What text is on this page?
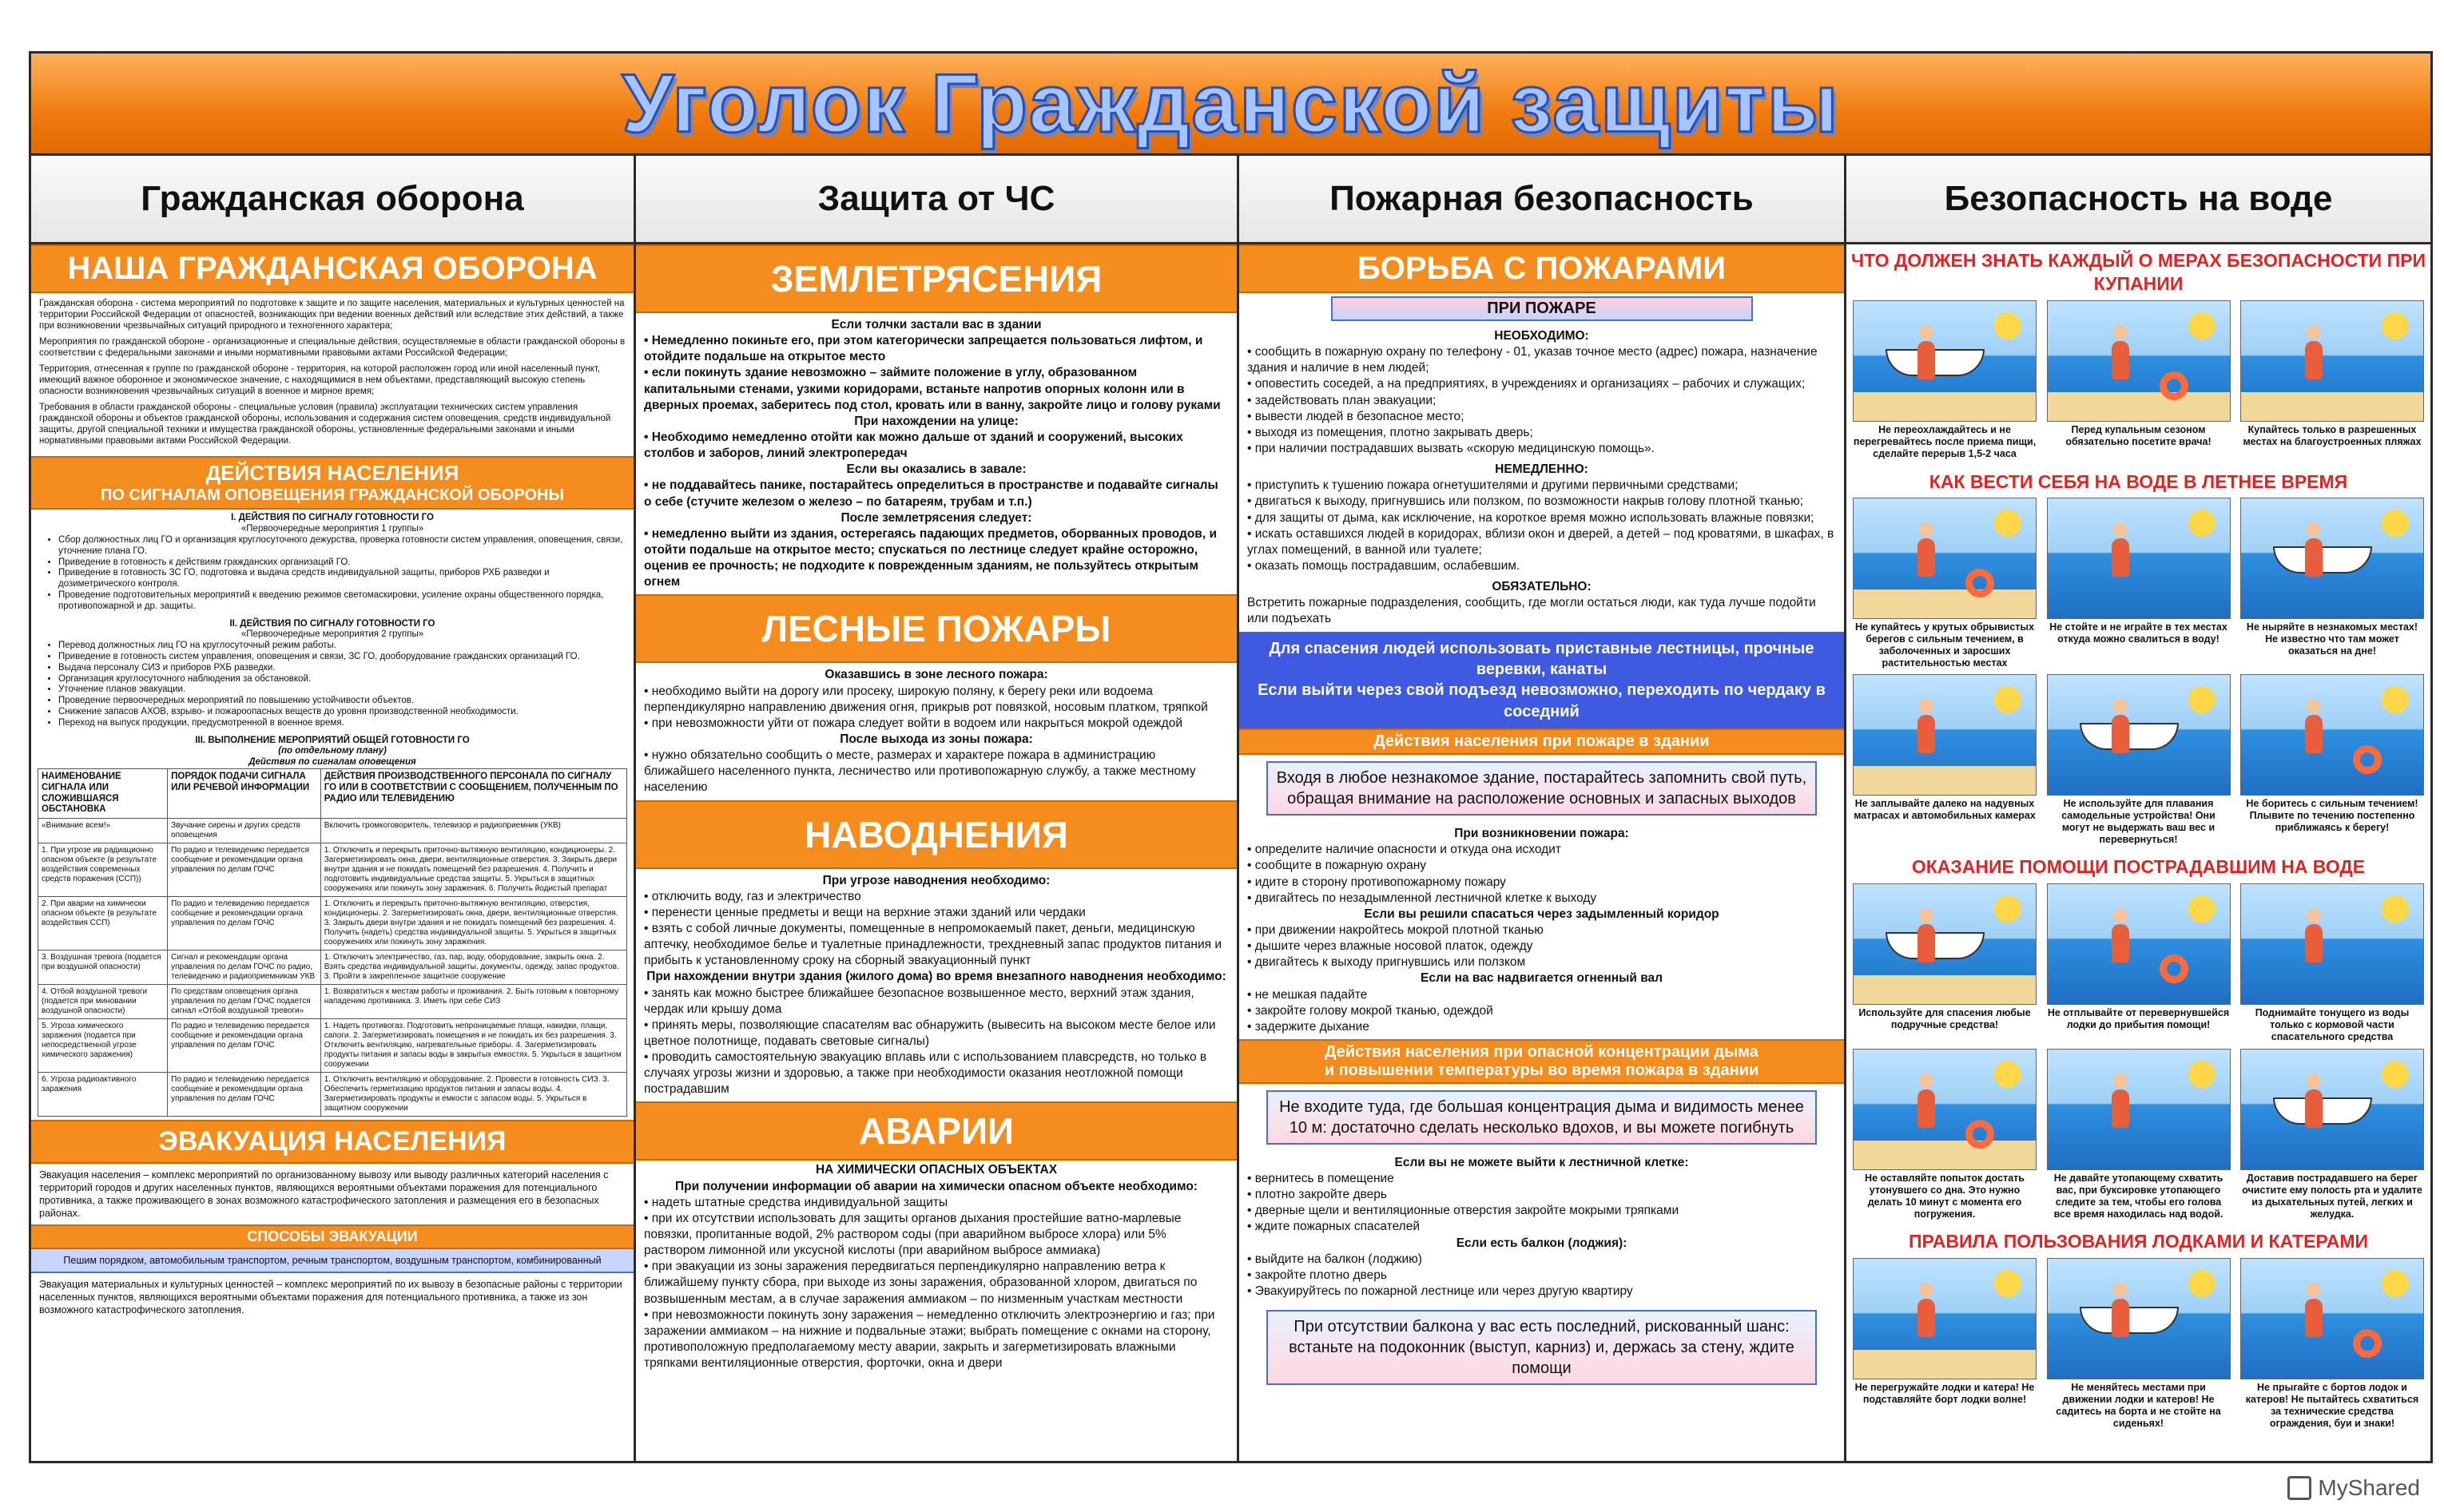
Уголок Гражданской защиты
Гражданская оборона
НАША ГРАЖДАНСКАЯ ОБОРОНА

Гражданская оборона - система мероприятий по подготовке к защите и по защите населения, материальных и культурных ценностей на территории Российской Федерации от опасностей, возникающих при ведении военных действий или вследствие этих действий, а также при возникновении чрезвычайных ситуаций природного и техногенного характера;

Мероприятия по гражданской обороне - организационные и специальные действия, осуществляемые в области гражданской обороны в соответствии с федеральными законами и иными нормативными правовыми актами Российской Федерации;

Территория, отнесенная к группе по гражданской обороне - территория, на которой расположен город или иной населенный пункт, имеющий важное оборонное и экономическое значение, с находящимися в нем объектами, представляющий высокую степень опасности возникновения чрезвычайных ситуаций в военное и мирное время;

Требования в области гражданской обороны - специальные условия (правила) эксплуатации технических систем управления гражданской обороны и объектов гражданской обороны, использования и содержания систем оповещения, средств индивидуальной защиты, другой специальной техники и имущества гражданской обороны, установленные федеральными законами и иными нормативными правовыми актами Российской Федерации.

ДЕЙСТВИЯ НАСЕЛЕНИЯ
ПО СИГНАЛАМ ОПОВЕЩЕНИЯ ГРАЖДАНСКОЙ ОБОРОНЫ
I. ДЕЙСТВИЯ ПО СИГНАЛУ ГОТОВНОСТИ ГО
«Первоочередные мероприятия 1 группы»
• Сбор должностных лиц ГО и организация круглосуточного дежурства, проверка готовности систем управления, оповещения, связи, уточнение плана ГО.
• Приведение в готовность к действиям гражданских организаций ГО.
• Приведение в готовность ЗС ГО, подготовка и выдача средств индивидуальной защиты, приборов РХБ разведки и дозиметрического контроля.
• Проведение подготовительных мероприятий к введению режимов светомаскировки, усиление охраны общественного порядка, противопожарной и др. защиты.
II. ДЕЙСТВИЯ ПО СИГНАЛУ ГОТОВНОСТИ ГО
«Первоочередные мероприятия 2 группы»
• Перевод должностных лиц ГО на круглосуточный режим работы.
• Приведение в готовность систем управления, оповещения и связи, ЗС ГО, дооборудование гражданских организаций ГО.
• Выдача персоналу СИЗ и приборов РХБ разведки.
• Организация круглосуточного наблюдения за обстановкой.
• Уточнение планов эвакуации.
• Проведение первоочередных мероприятий по повышению устойчивости объектов.
• Снижение запасов АХОВ, взрыво- и пожароопасных веществ до уровня производственной необходимости.
• Переход на выпуск продукции, предусмотренной в военное время.
III. ВЫПОЛНЕНИЕ МЕРОПРИЯТИЙ ОБЩЕЙ ГОТОВНОСТИ ГО
(по отдельному плану)
Действия по сигналам оповещения
НАИМЕНОВАНИЕ СИГНАЛА ИЛИ СЛОЖИВШАЯСЯ ОБСТАНОВКА	ПОРЯДОК ПОДАЧИ СИГНАЛА ИЛИ РЕЧЕВОЙ ИНФОРМАЦИИ	ДЕЙСТВИЯ ПРОИЗВОДСТВЕННОГО ПЕРСОНАЛА ПО СИГНАЛУ ГО ИЛИ В СООТВЕТСТВИИ С СООБЩЕНИЕМ, ПОЛУЧЕННЫМ ПО РАДИО ИЛИ ТЕЛЕВИДЕНИЮ
«Внимание всем!»	Звучание сирены и других средств оповещения	Включить громкоговоритель, телевизор и радиоприемник (УКВ)
1. При угрозе ив радиационно опасном объекте (в результате воздействия современных средств поражения (ССП))	По радио и телевидению передается сообщение и рекомендации органа управления по делам ГОЧС	1. Отключить и перекрыть приточно-вытяжную вентиляцию, кондиционеры. 2. Загерметизировать окна, двери, вентиляционные отверстия. 3. Закрыть двери внутри здания и не покидать помещений без разрешения. 4. Получить и подготовить индивидуальные средства защиты. 5. Укрыться в защитных сооружениях или покинуть зону заражения. 6. Получить йодистый препарат
2. При аварии на химически опасном объекте (в результате воздействия ССП)	По радио и телевидению передается сообщение и рекомендации органа управления по делам ГОЧС	1. Отключить и перекрыть приточно-вытяжную вентиляцию, отверстия, кондиционеры. 2. Загерметизировать окна, двери, вентиляционные отверстия. 3. Закрыть двери внутри здания и не покидать помещений без разрешения. 4. Получить (надеть) средства индивидуальной защиты. 5. Укрыться в защитных сооружениях или покинуть зону заражения.
3. Воздушная тревога (подается при воздушной опасности)	Сигнал и рекомендации органа управления по делам ГОЧС по радио, телевидению и радиоприемникам УКВ	1. Отключить электричество, газ, пар, воду, оборудование, закрыть окна. 2. Взять средства индивидуальной защиты, документы, одежду, запас продуктов. 3. Пройти в закрепленное защитное сооружение
4. Отбой воздушной тревоги (подается при миновании воздушной опасности)	По средствам оповещения органа управления по делам ГОЧС подается сигнал «Отбой воздушной тревоги»	1. Возвратиться к местам работы и проживания. 2. Быть готовым к повторному нападению противника. 3. Иметь при себе СИЗ
5. Угроза химического заражения (подается при непосредственной угрозе химического заражения)	По радио и телевидению передается сообщение и рекомендации органа управления по делам ГОЧС	1. Надеть противогаз. Подготовить непроницаемые плащи, накидки, плащи, сапоги. 2. Загерметизировать помещения и не покидать их без разрешения. 3. Отключить вентиляцию, нагревательные приборы. 4. Загерметизировать продукты питания и запасы воды в закрытых емкостях. 5. Укрыться в защитном сооружении
6. Угроза радиоактивного заражения	По радио и телевидению передается сообщение и рекомендации органа управления по делам ГОЧС	1. Отключить вентиляцию и оборудование. 2. Провести в готовность СИЗ. 3. Обеспечить герметизацию продуктов питания и запасы воды. 4. Загерметизировать продукты и емкости с запасом воды. 5. Укрыться в защитном сооружении
ЭВАКУАЦИЯ НАСЕЛЕНИЯ
Эвакуация населения – комплекс мероприятий по организованному вывозу или выводу различных категорий населения с территорий городов и других населенных пунктов, являющихся вероятными объектами поражения для потенциального противника, а также проживающего в зонах возможного катастрофического затопления и размещения его в безопасных районах.
СПОСОБЫ ЭВАКУАЦИИ
Пешим порядком, автомобильным транспортом, речным транспортом, воздушным транспортом, комбинированный
Эвакуация материальных и культурных ценностей – комплекс мероприятий по их вывозу в безопасные районы с территории населенных пунктов, являющихся вероятными объектами поражения для потенциального противника, а также из зон возможного катастрофического затопления.
Защита от ЧС
ЗЕМЛЕТРЯСЕНИЯ
Если толчки застали вас в здании
• Немедленно покиньте его, при этом категорически запрещается пользоваться лифтом, и отойдите подальше на открытое место
• если покинуть здание невозможно – займите положение в углу, образованном капитальными стенами, узкими коридорами, встаньте напротив опорных колонн или в дверных проемах, заберитесь под стол, кровать или в ванну, закройте лицо и голову руками
При нахождении на улице:
• Необходимо немедленно отойти как можно дальше от зданий и сооружений, высоких столбов и заборов, линий электропередач
Если вы оказались в завале:
• не поддавайтесь панике, постарайтесь определиться в пространстве и подавайте сигналы о себе (стучите железом о железо – по батареям, трубам и т.п.)
После землетрясения следует:
• немедленно выйти из здания, остерегаясь падающих предметов, оборванных проводов, и отойти подальше на открытое место; спускаться по лестнице следует крайне осторожно, оценив ее прочность; не подходите к поврежденным зданиям, не пользуйтесь открытым огнем
ЛЕСНЫЕ ПОЖАРЫ
Оказавшись в зоне лесного пожара:
• необходимо выйти на дорогу или просеку, широкую поляну, к берегу реки или водоема перпендикулярно направлению движения огня, прикрыв рот повязкой, носовым платком, тряпкой
• при невозможности уйти от пожара следует войти в водоем или накрыться мокрой одеждой
После выхода из зоны пожара:
• нужно обязательно сообщить о месте, размерах и характере пожара в администрацию ближайшего населенного пункта, лесничество или противопожарную службу, а также местному населению
НАВОДНЕНИЯ
При угрозе наводнения необходимо:
• отключить воду, газ и электричество
• перенести ценные предметы и вещи на верхние этажи зданий или чердаки
• взять с собой личные документы, помещенные в непромокаемый пакет, деньги, медицинскую аптечку, необходимое белье и туалетные принадлежности, трехдневный запас продуктов питания и прибыть к установленному сроку на сборный эвакуационный пункт
При нахождении внутри здания (жилого дома) во время внезапного наводнения необходимо:
• занять как можно быстрее ближайшее безопасное возвышенное место, верхний этаж здания, чердак или крышу дома
• принять меры, позволяющие спасателям вас обнаружить (вывесить на высоком месте белое или цветное полотнище, подавать световые сигналы)
• проводить самостоятельную эвакуацию вплавь или с использованием плавсредств, но только в случаях угрозы жизни и здоровью, а также при необходимости оказания неотложной помощи пострадавшим
АВАРИИ
НА ХИМИЧЕСКИ ОПАСНЫХ ОБЪЕКТАХ
При получении информации об аварии на химически опасном объекте необходимо:
• надеть штатные средства индивидуальной защиты
• при их отсутствии использовать для защиты органов дыхания простейшие ватно-марлевые повязки, пропитанные водой, 2% раствором соды (при аварийном выбросе хлора) или 5% раствором лимонной или уксусной кислоты (при аварийном выбросе аммиака)
• при эвакуации из зоны заражения передвигаться перпендикулярно направлению ветра к ближайшему пункту сбора, при выходе из зоны заражения, образованной хлором, двигаться по возвышенным местам, а в случае заражения аммиаком – по низменным участкам местности
• при невозможности покинуть зону заражения – немедленно отключить электроэнергию и газ; при заражении аммиаком – на нижние и подвальные этажи; выбрать помещение с окнами на сторону, противоположную предполагаемому месту аварии, закрыть и загерметизировать влажными тряпками вентиляционные отверстия, форточки, окна и двери
Пожарная безопасность
БОРЬБА С ПОЖАРАМИ
ПРИ ПОЖАРЕ
НЕОБХОДИМО:
• сообщить в пожарную охрану по телефону - 01, указав точное место (адрес) пожара, назначение здания и наличие в нем людей;
• оповестить соседей, а на предприятиях, в учреждениях и организациях – рабочих и служащих;
• задействовать план эвакуации;
• вывести людей в безопасное место;
• выходя из помещения, плотно закрывать дверь;
• при наличии пострадавших вызвать «скорую медицинскую помощь».
НЕМЕДЛЕННО:
• приступить к тушению пожара огнетушителями и другими первичными средствами;
• двигаться к выходу, пригнувшись или ползком, по возможности накрыв голову плотной тканью;
• для защиты от дыма, как исключение, на короткое время можно использовать влажные повязки;
• искать оставшихся людей в коридорах, вблизи окон и дверей, а детей – под кроватями, в шкафах, в углах помещений, в ванной или туалете;
• оказать помощь пострадавшим, ослабевшим.
ОБЯЗАТЕЛЬНО:
Встретить пожарные подразделения, сообщить, где могли остаться люди, как туда лучше подойти или подъехать
Для спасения людей использовать приставные лестницы, прочные веревки, канаты
Если выйти через свой подъезд невозможно, переходить по чердаку в соседний
Действия населения при пожаре в здании
Входя в любое незнакомое здание, постарайтесь запомнить свой путь, обращая внимание на расположение основных и запасных выходов
При возникновении пожара:
• определите наличие опасности и откуда она исходит
• сообщите в пожарную охрану
• идите в сторону противопожарному пожару
• двигайтесь по незадымленной лестничной клетке к выходу
Если вы решили спасаться через задымленный коридор
• при движении накройтесь мокрой плотной тканью
• дышите через влажные носовой платок, одежду
• двигайтесь к выходу пригнувшись или ползком
Если на вас надвигается огненный вал
• не мешкая падайте
• закройте голову мокрой тканью, одеждой
• задержите дыхание
Действия населения при опасной концентрации дыма
и повышении температуры во время пожара в здании
Не входите туда, где большая концентрация дыма и видимость менее 10 м: достаточно сделать несколько вдохов, и вы можете погибнуть
Если вы не можете выйти к лестничной клетке:
• вернитесь в помещение
• плотно закройте дверь
• дверные щели и вентиляционные отверстия закройте мокрыми тряпками
• ждите пожарных спасателей
Если есть балкон (лоджия):
• выйдите на балкон (лоджию)
• закройте плотно дверь
• Эвакуируйтесь по пожарной лестнице или через другую квартиру
При отсутствии балкона у вас есть последний, рискованный шанс: встаньте на подоконник (выступ, карниз) и, держась за стену, ждите помощи
Безопасность на воде
ЧТО ДОЛЖЕН ЗНАТЬ КАЖДЫЙ О МЕРАХ БЕЗОПАСНОСТИ ПРИ КУПАНИИ
Не переохлаждайтесь и не перегревайтесь после приема пищи, сделайте перерыв 1,5-2 часа
Перед купальным сезоном обязательно посетите врача!
Купайтесь только в разрешенных местах на благоустроенных пляжах
КАК ВЕСТИ СЕБЯ НА ВОДЕ В ЛЕТНЕЕ ВРЕМЯ
Не купайтесь у крутых обрывистых берегов с сильным течением, в заболоченных и заросших растительностью местах
Не стойте и не играйте в тех местах откуда можно свалиться в воду!
Не ныряйте в незнакомых местах! Не известно что там может оказаться на дне!
Не заплывайте далеко на надувных матрасах и автомобильных камерах
Не используйте для плавания самодельные устройства! Они могут не выдержать ваш вес и перевернуться!
Не боритесь с сильным течением! Плывите по течению постепенно приближаясь к берегу!
ОКАЗАНИЕ ПОМОЩИ ПОСТРАДАВШИМ НА ВОДЕ
Используйте для спасения любые подручные средства!
Не отплывайте от перевернувшейся лодки до прибытия помощи!
Поднимайте тонущего из воды только с кормовой части спасательного средства
Не оставляйте попыток достать утонувшего со дна. Это нужно делать 10 минут с момента его погружения.
Не давайте утопающему схватить вас, при буксировке утопающего следите за тем, чтобы его голова все время находилась над водой.
Доставив пострадавшего на берег очистите ему полость рта и удалите из дыхательных путей, легких и желудка.
ПРАВИЛА ПОЛЬЗОВАНИЯ ЛОДКАМИ И КАТЕРАМИ
Не перегружайте лодки и катера! Не подставляйте борт лодки волне!
Не меняйтесь местами при движении лодки и катеров! Не садитесь на борта и не стойте на сиденьях!
Не прыгайте с бортов лодок и катеров! Не пытайтесь схватиться за технические средства ограждения, буи и знаки!
MyShared
